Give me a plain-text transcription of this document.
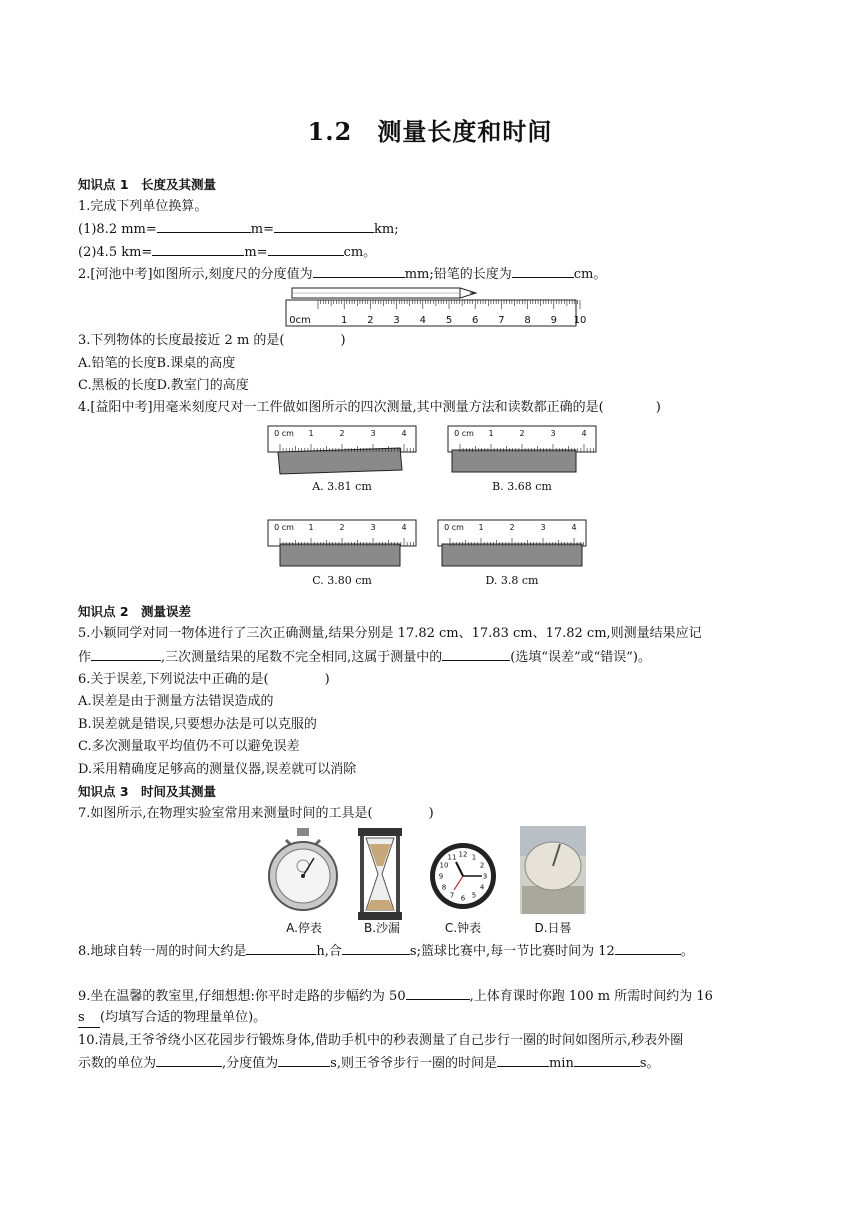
1.2　测量长度和时间
知识点 1　长度及其测量
1.完成下列单位换算。
(1)8.2 mm=	m=	km;
(2)4.5 km=	m=	cm。
2.[河池中考]如图所示,刻度尺的分度值为	mm;铅笔的长度为	cm。
0cm	1 2 3 4 5 6 7 8 9 10
3.下列物体的长度最接近 2 m 的是(	)
A.铅笔的长度B.课桌的高度
C.黑板的长度D.教室门的高度
4.[益阳中考]用毫米刻度尺对一工件做如图所示的四次测量,其中测量方法和读数都正确的是(	)
0 cm 1	2	3	4
A. 3.81 cm
0 cm 1	2	3	4
B. 3.68 cm
0 cm 1	2	3	4
C. 3.80 cm
0 cm 1	2	3	4
D. 3.8 cm
知识点 2　测量误差
5.小颖同学对同一物体进行了三次正确测量,结果分别是 17.82 cm、17.83 cm、17.82 cm,则测量结果应记
作	,三次测量结果的尾数不完全相同,这属于测量中的	(选填“误差”或“错误”)。
6.关于误差,下列说法中正确的是(	)
A.误差是由于测量方法错误造成的
B.误差就是错误,只要想办法是可以克服的
C.多次测量取平均值仍不可以避免误差
D.采用精确度足够高的测量仪器,误差就可以消除
知识点 3　时间及其测量
7.如图所示,在物理实验室常用来测量时间的工具是(	)
1
2
3
4
5
6
7
8
9
10
11 12
A.停表	B.沙漏	C.钟表	D.日晷
8.地球自转一周的时间大约是	h,合	s;篮球比赛中,每一节比赛时间为 12	。
9.坐在温馨的教室里,仔细想想:你平时走路的步幅约为 50	,上体育课时你跑 100 m 所需时间约为 16
s (均填写合适的物理量单位)。
10.清晨,王爷爷绕小区花园步行锻炼身体,借助手机中的秒表测量了自己步行一圈的时间如图所示,秒表外圈
示数的单位为	,分度值为	s,则王爷爷步行一圈的时间是	min	s。
